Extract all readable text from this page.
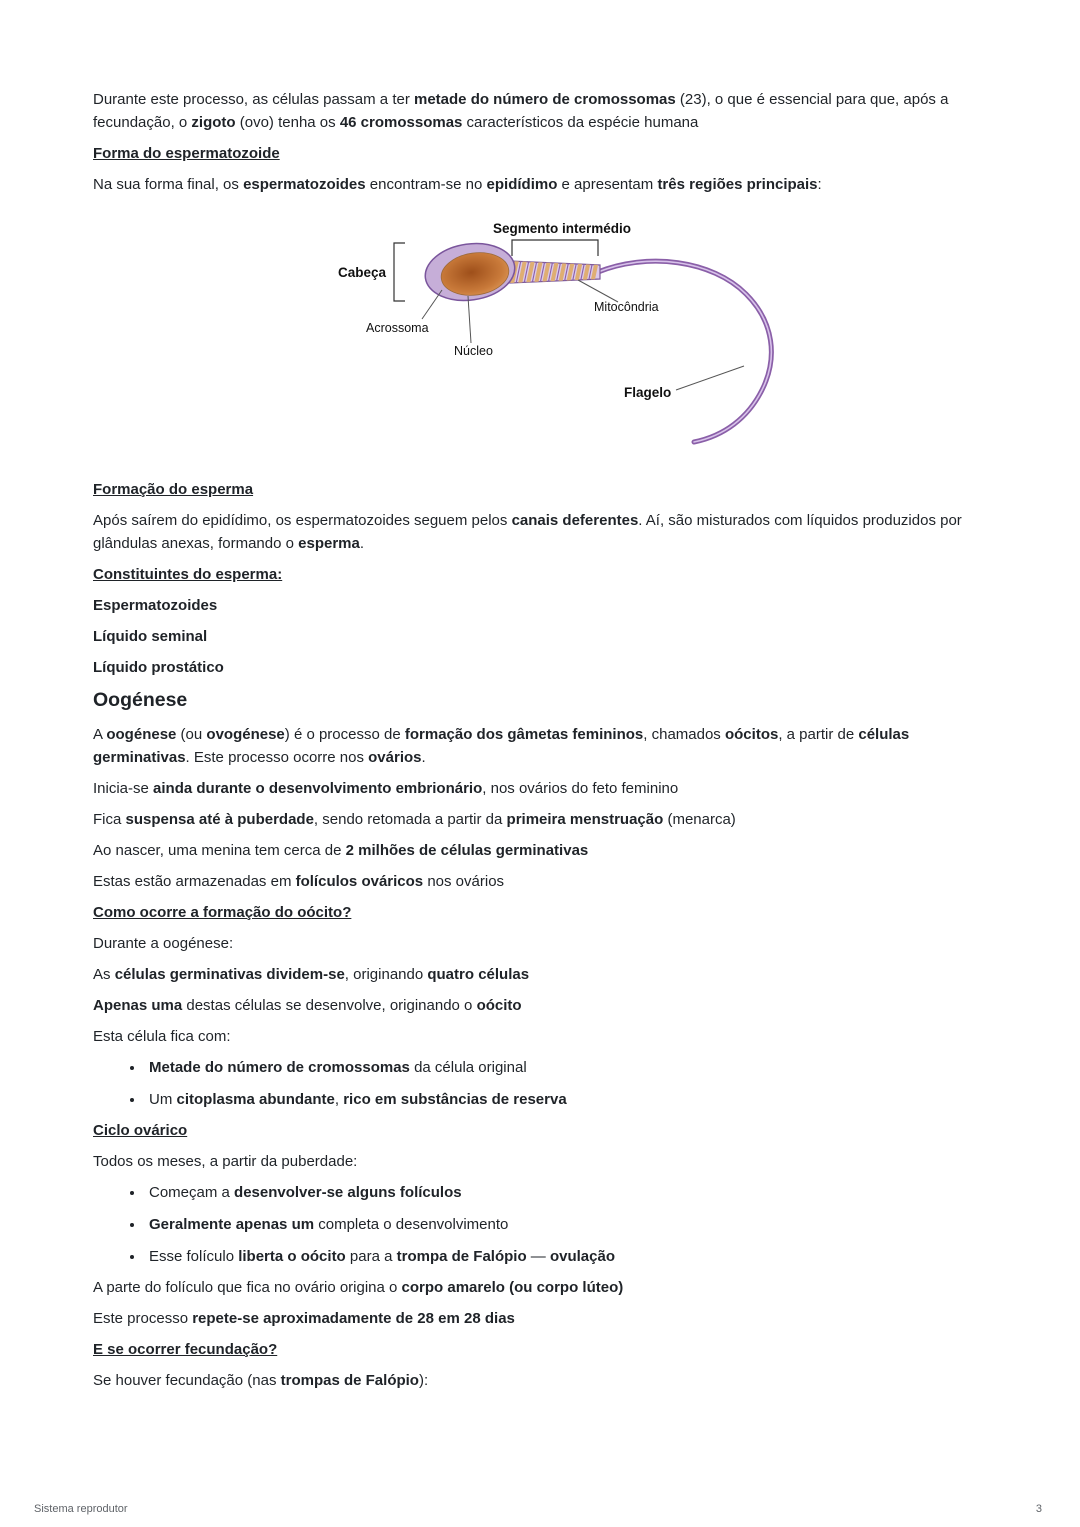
Durante este processo, as células passam a ter metade do número de cromossomas (23), o que é essencial para que, após a fecundação, o zigoto (ovo) tenha os 46 cromossomas característicos da espécie humana

Forma do espermatozoide

Na sua forma final, os espermatozoides encontram-se no epidídimo e apresentam três regiões principais:

Segmento intermédio
Cabeça
Mitocôndria
Acrossoma
Núcleo
Flagelo
Formação do esperma

Após saírem do epidídimo, os espermatozoides seguem pelos canais deferentes. Aí, são misturados com líquidos produzidos por glândulas anexas, formando o esperma.

Constituintes do esperma:

Espermatozoides

Líquido seminal

Líquido prostático

Oogénese

A oogénese (ou ovogénese) é o processo de formação dos gâmetas femininos, chamados oócitos, a partir de células germinativas. Este processo ocorre nos ovários.

Inicia-se ainda durante o desenvolvimento embrionário, nos ovários do feto feminino

Fica suspensa até à puberdade, sendo retomada a partir da primeira menstruação (menarca)

Ao nascer, uma menina tem cerca de 2 milhões de células germinativas

Estas estão armazenadas em folículos ováricos nos ovários

Como ocorre a formação do oócito?

Durante a oogénese:

As células germinativas dividem-se, originando quatro células

Apenas uma destas células se desenvolve, originando o oócito

Esta célula fica com:

• Metade do número de cromossomas da célula original
• Um citoplasma abundante, rico em substâncias de reserva
Ciclo ovárico

Todos os meses, a partir da puberdade:

• Começam a desenvolver-se alguns folículos
• Geralmente apenas um completa o desenvolvimento
• Esse folículo liberta o oócito para a trompa de Falópio — ovulação

A parte do folículo que fica no ovário origina o corpo amarelo (ou corpo lúteo)

Este processo repete-se aproximadamente de 28 em 28 dias

E se ocorrer fecundação?

Se houver fecundação (nas trompas de Falópio):

Sistema reprodutor	3
